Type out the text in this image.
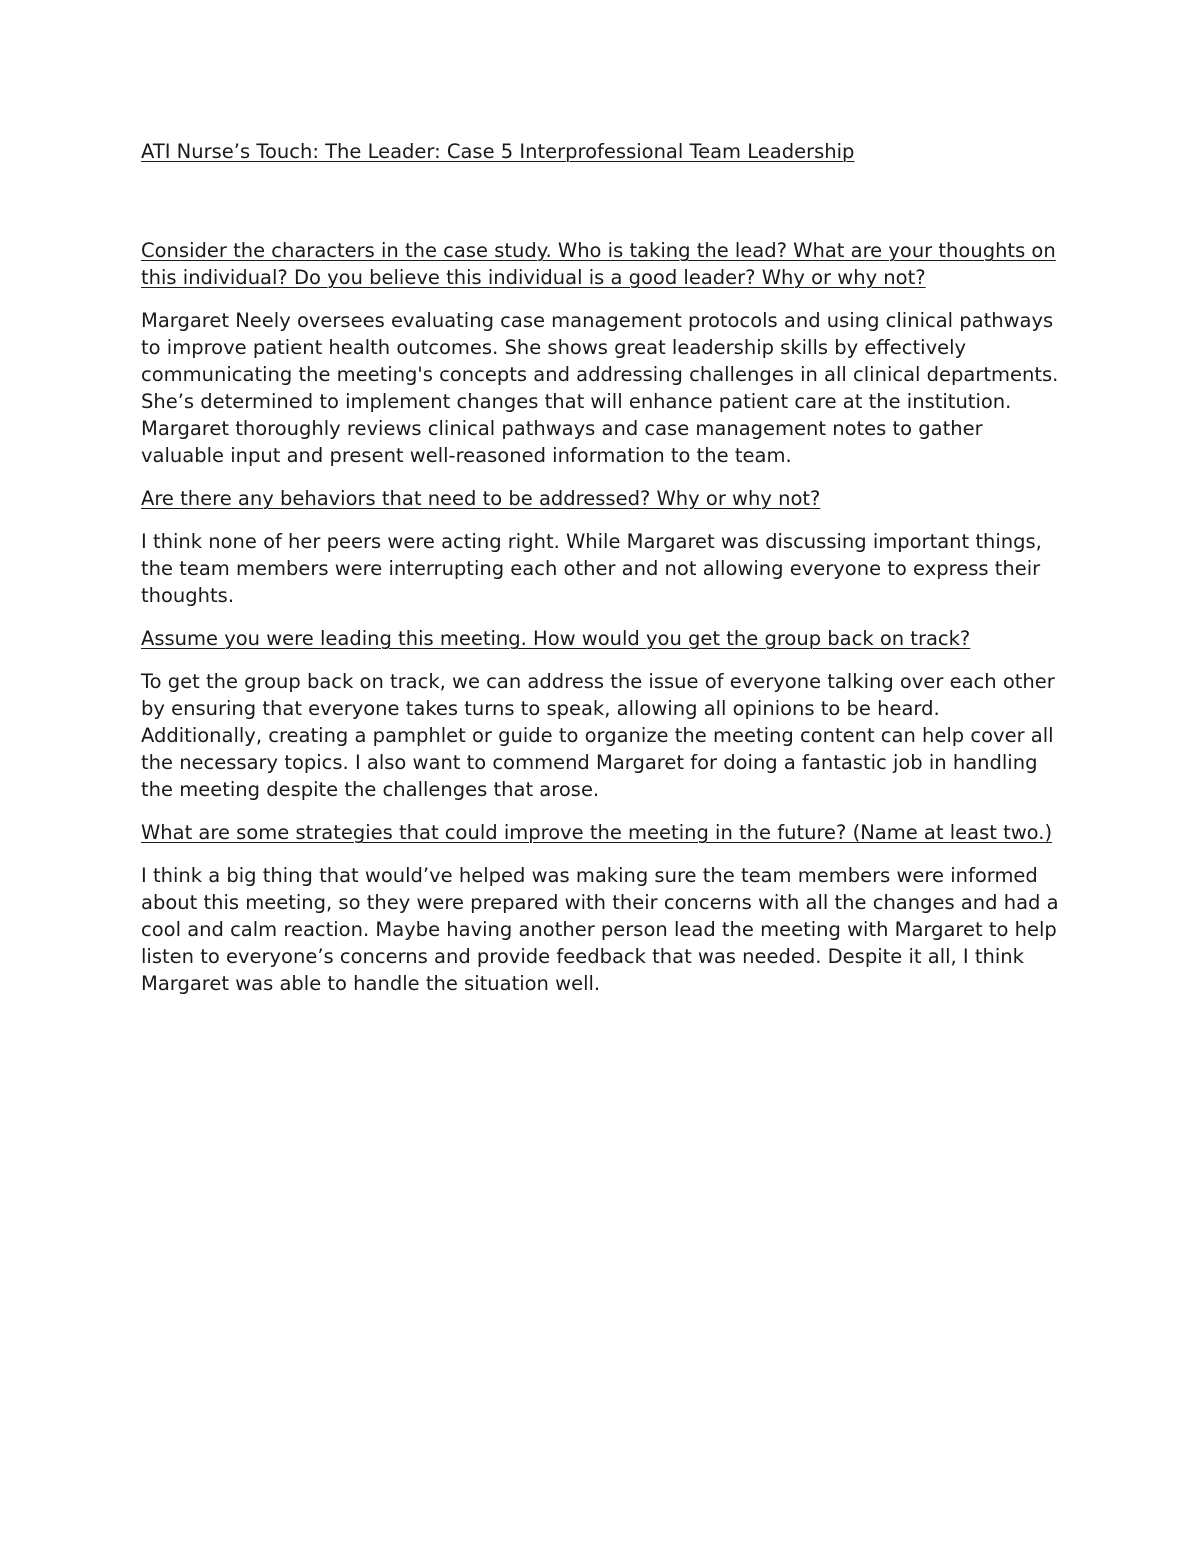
ATI Nurse’s Touch: The Leader: Case 5 Interprofessional Team Leadership

Consider the characters in the case study. Who is taking the lead? What are your thoughts on this individual? Do you believe this individual is a good leader? Why or why not?

Margaret Neely oversees evaluating case management protocols and using clinical pathways to improve patient health outcomes. She shows great leadership skills by effectively communicating the meeting's concepts and addressing challenges in all clinical departments. She’s determined to implement changes that will enhance patient care at the institution. Margaret thoroughly reviews clinical pathways and case management notes to gather valuable input and present well-reasoned information to the team.

Are there any behaviors that need to be addressed? Why or why not?

I think none of her peers were acting right. While Margaret was discussing important things, the team members were interrupting each other and not allowing everyone to express their thoughts.

Assume you were leading this meeting. How would you get the group back on track?

To get the group back on track, we can address the issue of everyone talking over each other by ensuring that everyone takes turns to speak, allowing all opinions to be heard. Additionally, creating a pamphlet or guide to organize the meeting content can help cover all the necessary topics. I also want to commend Margaret for doing a fantastic job in handling the meeting despite the challenges that arose.

What are some strategies that could improve the meeting in the future? (Name at least two.)

I think a big thing that would’ve helped was making sure the team members were informed about this meeting, so they were prepared with their concerns with all the changes and had a cool and calm reaction. Maybe having another person lead the meeting with Margaret to help listen to everyone’s concerns and provide feedback that was needed. Despite it all, I think Margaret was able to handle the situation well.
